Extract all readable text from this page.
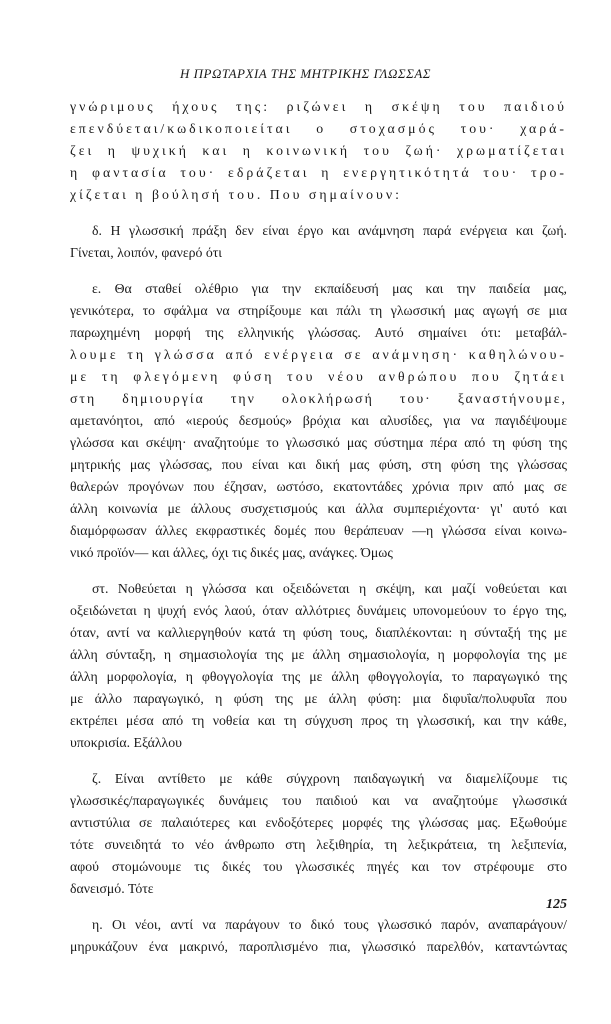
Η ΠΡΩΤΑΡΧΙΑ ΤΗΣ ΜΗΤΡΙΚΗΣ ΓΛΩΣΣΑΣ
γνώριμους ήχους της: ριζώνει η σκέψη του παιδιού
επενδύεται/κωδικοποιείται ο στοχασμός του· χαρά-
ζει η ψυχική και η κοινωνική του ζωή· χρωματίζεται
η φαντασία του· εδράζεται η ενεργητικότητά του· τρο-
χίζεται η βούλησή του. Που σημαίνουν:
δ. Η γλωσσική πράξη δεν είναι έργο και ανάμνηση παρά ενέργεια και ζωή.
Γίνεται, λοιπόν, φανερό ότι
ε. Θα σταθεί ολέθριο για την εκπαίδευσή μας και την παιδεία μας,
γενικότερα, το σφάλμα να στηρίξουμε και πάλι τη γλωσσική μας αγωγή σε μια
παρωχημένη μορφή της ελληνικής γλώσσας. Αυτό σημαίνει ότι: μεταβάλ-
λουμε τη γλώσσα από ενέργεια σε ανάμνηση· καθηλώνου-
με τη φλεγόμενη φύση του νέου ανθρώπου που ζητάει
στη δημιουργία την ολοκλήρωσή του· ξαναστήνουμε,
αμετανόητοι, από «ιερούς δεσμούς» βρόχια και αλυσίδες, για να παγιδέψουμε
γλώσσα και σκέψη· αναζητούμε το γλωσσικό μας σύστημα πέρα από τη φύση της
μητρικής μας γλώσσας, που είναι και δική μας φύση, στη φύση της γλώσσας
θαλερών προγόνων που έζησαν, ωστόσο, εκατοντάδες χρόνια πριν από μας σε
άλλη κοινωνία με άλλους συσχετισμούς και άλλα συμπεριέχοντα· γι' αυτό και
διαμόρφωσαν άλλες εκφραστικές δομές που θεράπευαν —η γλώσσα είναι κοινω-
νικό προϊόν— και άλλες, όχι τις δικές μας, ανάγκες. Όμως
στ. Νοθεύεται η γλώσσα και οξειδώνεται η σκέψη, και μαζί νοθεύεται και
οξειδώνεται η ψυχή ενός λαού, όταν αλλότριες δυνάμεις υπονομεύουν το έργο της,
όταν, αντί να καλλιεργηθούν κατά τη φύση τους, διαπλέκονται: η σύνταξή της με
άλλη σύνταξη, η σημασιολογία της με άλλη σημασιολογία, η μορφολογία της με
άλλη μορφολογία, η φθογγολογία της με άλλη φθογγολογία, το παραγωγικό της
με άλλο παραγωγικό, η φύση της με άλλη φύση: μια διφυΐα/πολυφυΐα που
εκτρέπει μέσα από τη νοθεία και τη σύγχυση προς τη γλωσσική, και την κάθε,
υποκρισία. Εξάλλου
ζ. Είναι αντίθετο με κάθε σύγχρονη παιδαγωγική να διαμελίζουμε τις
γλωσσικές/παραγωγικές δυνάμεις του παιδιού και να αναζητούμε γλωσσικά
αντιστύλια σε παλαιότερες και ενδοξότερες μορφές της γλώσσας μας. Εξωθούμε
τότε συνειδητά το νέο άνθρωπο στη λεξιθηρία, τη λεξικράτεια, τη λεξιπενία,
αφού στομώνουμε τις δικές του γλωσσικές πηγές και τον στρέφουμε στο
δανεισμό. Τότε
η. Οι νέοι, αντί να παράγουν το δικό τους γλωσσικό παρόν, αναπαράγουν/
μηρυκάζουν ένα μακρινό, παροπλισμένο πια, γλωσσικό παρελθόν, καταντώντας
125
